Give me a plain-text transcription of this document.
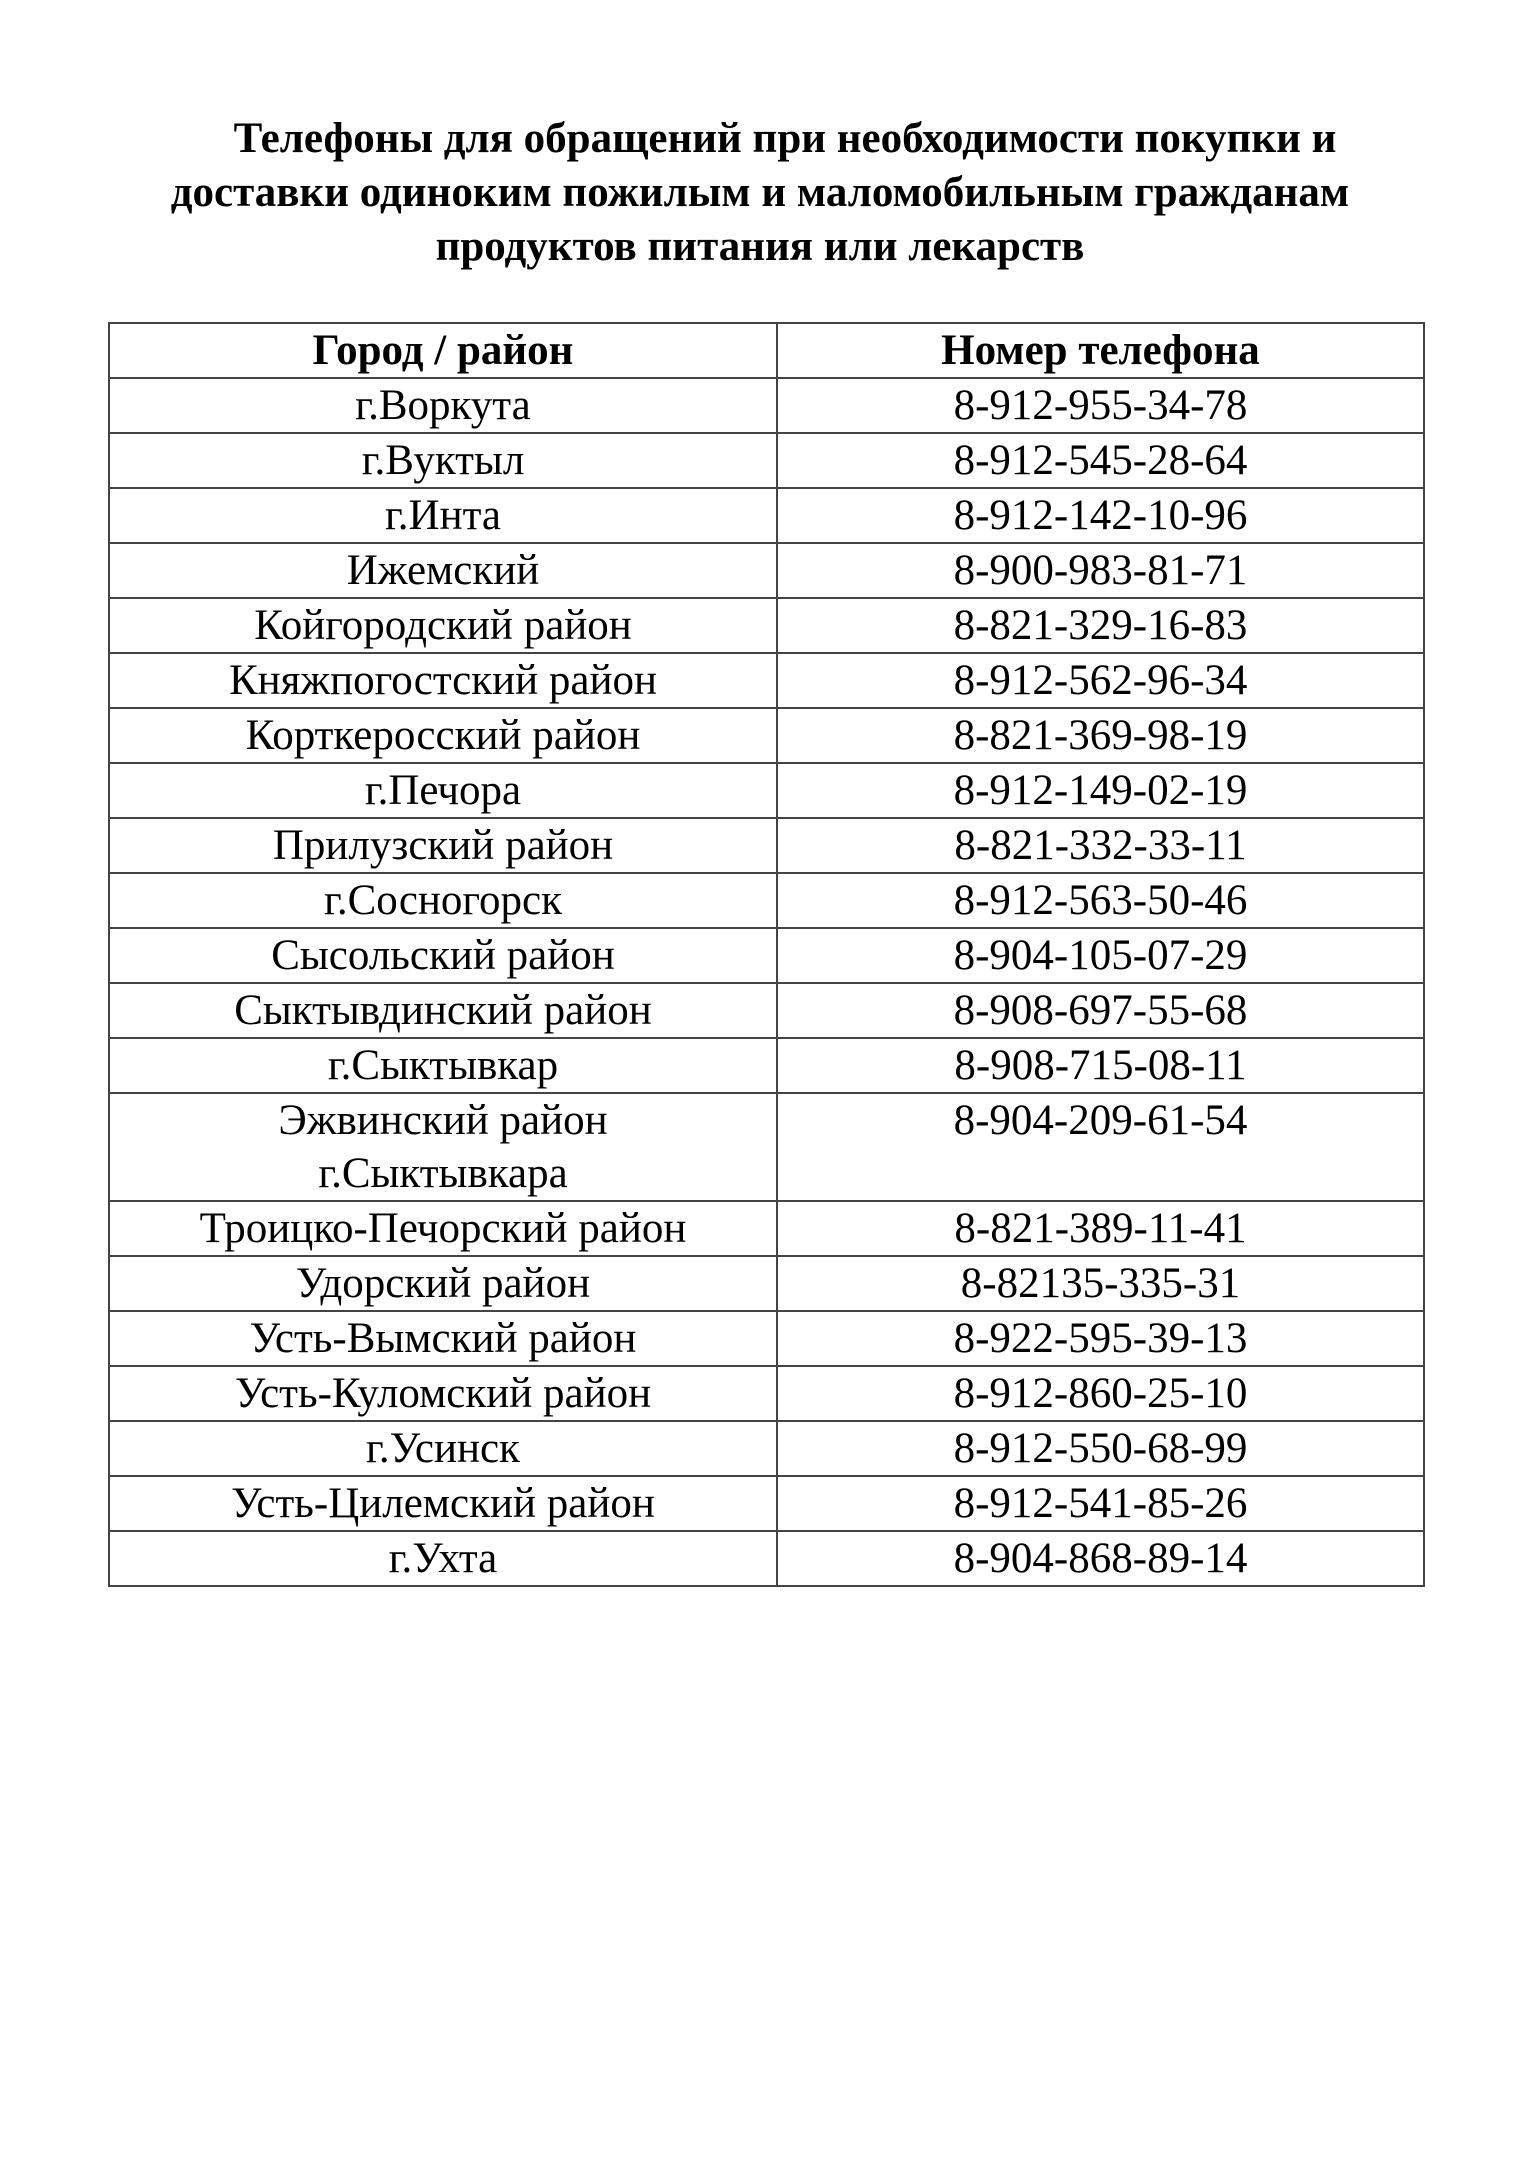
Телефоны для обращений при необходимости покупки и
доставки одиноким пожилым и маломобильным гражданам
продуктов питания или лекарств
Город / район	Номер телефона
г.Воркута	8-912-955-34-78
г.Вуктыл	8-912-545-28-64
г.Инта	8-912-142-10-96
Ижемский	8-900-983-81-71
Койгородский район	8-821-329-16-83
Княжпогостский район	8-912-562-96-34
Корткеросский район	8-821-369-98-19
г.Печора	8-912-149-02-19
Прилузский район	8-821-332-33-11
г.Сосногорск	8-912-563-50-46
Сысольский район	8-904-105-07-29
Сыктывдинский район	8-908-697-55-68
г.Сыктывкар	8-908-715-08-11

Эжвинский район
г.Сыктывкара	8-904-209-61-54
Троицко-Печорский район	8-821-389-11-41
Удорский район	8-82135-335-31
Усть-Вымский район	8-922-595-39-13
Усть-Куломский район	8-912-860-25-10
г.Усинск	8-912-550-68-99
Усть-Цилемский район	8-912-541-85-26
г.Ухта	8-904-868-89-14
